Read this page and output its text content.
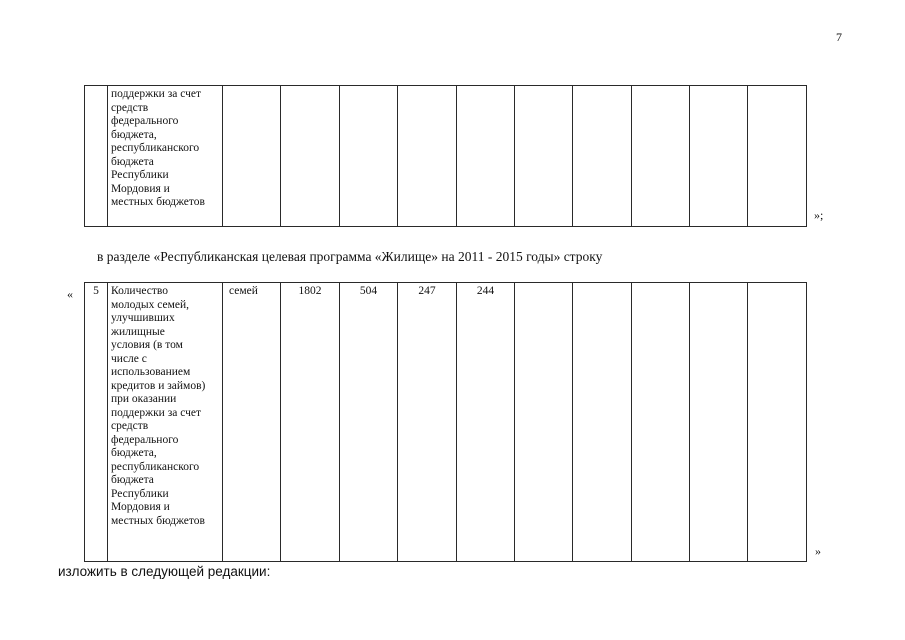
7

поддержки за счет
средств
федерального
бюджета,
республиканского
бюджета
Республики
Мордовия и
местных бюджетов

»;
в разделе «Республиканская целевая программа «Жилище» на 2011 - 2015 годы» строку
« 5	Количество
молодых семей,
улучшивших
жилищные
условия (в том
числе с
использованием
кредитов и займов)
при оказании
поддержки за счет
средств
федерального
бюджета,
республиканского
бюджета
Республики
Мордовия и
местных бюджетов
	семей	1802	504	247	244					
»
изложить в следующей редакции:
